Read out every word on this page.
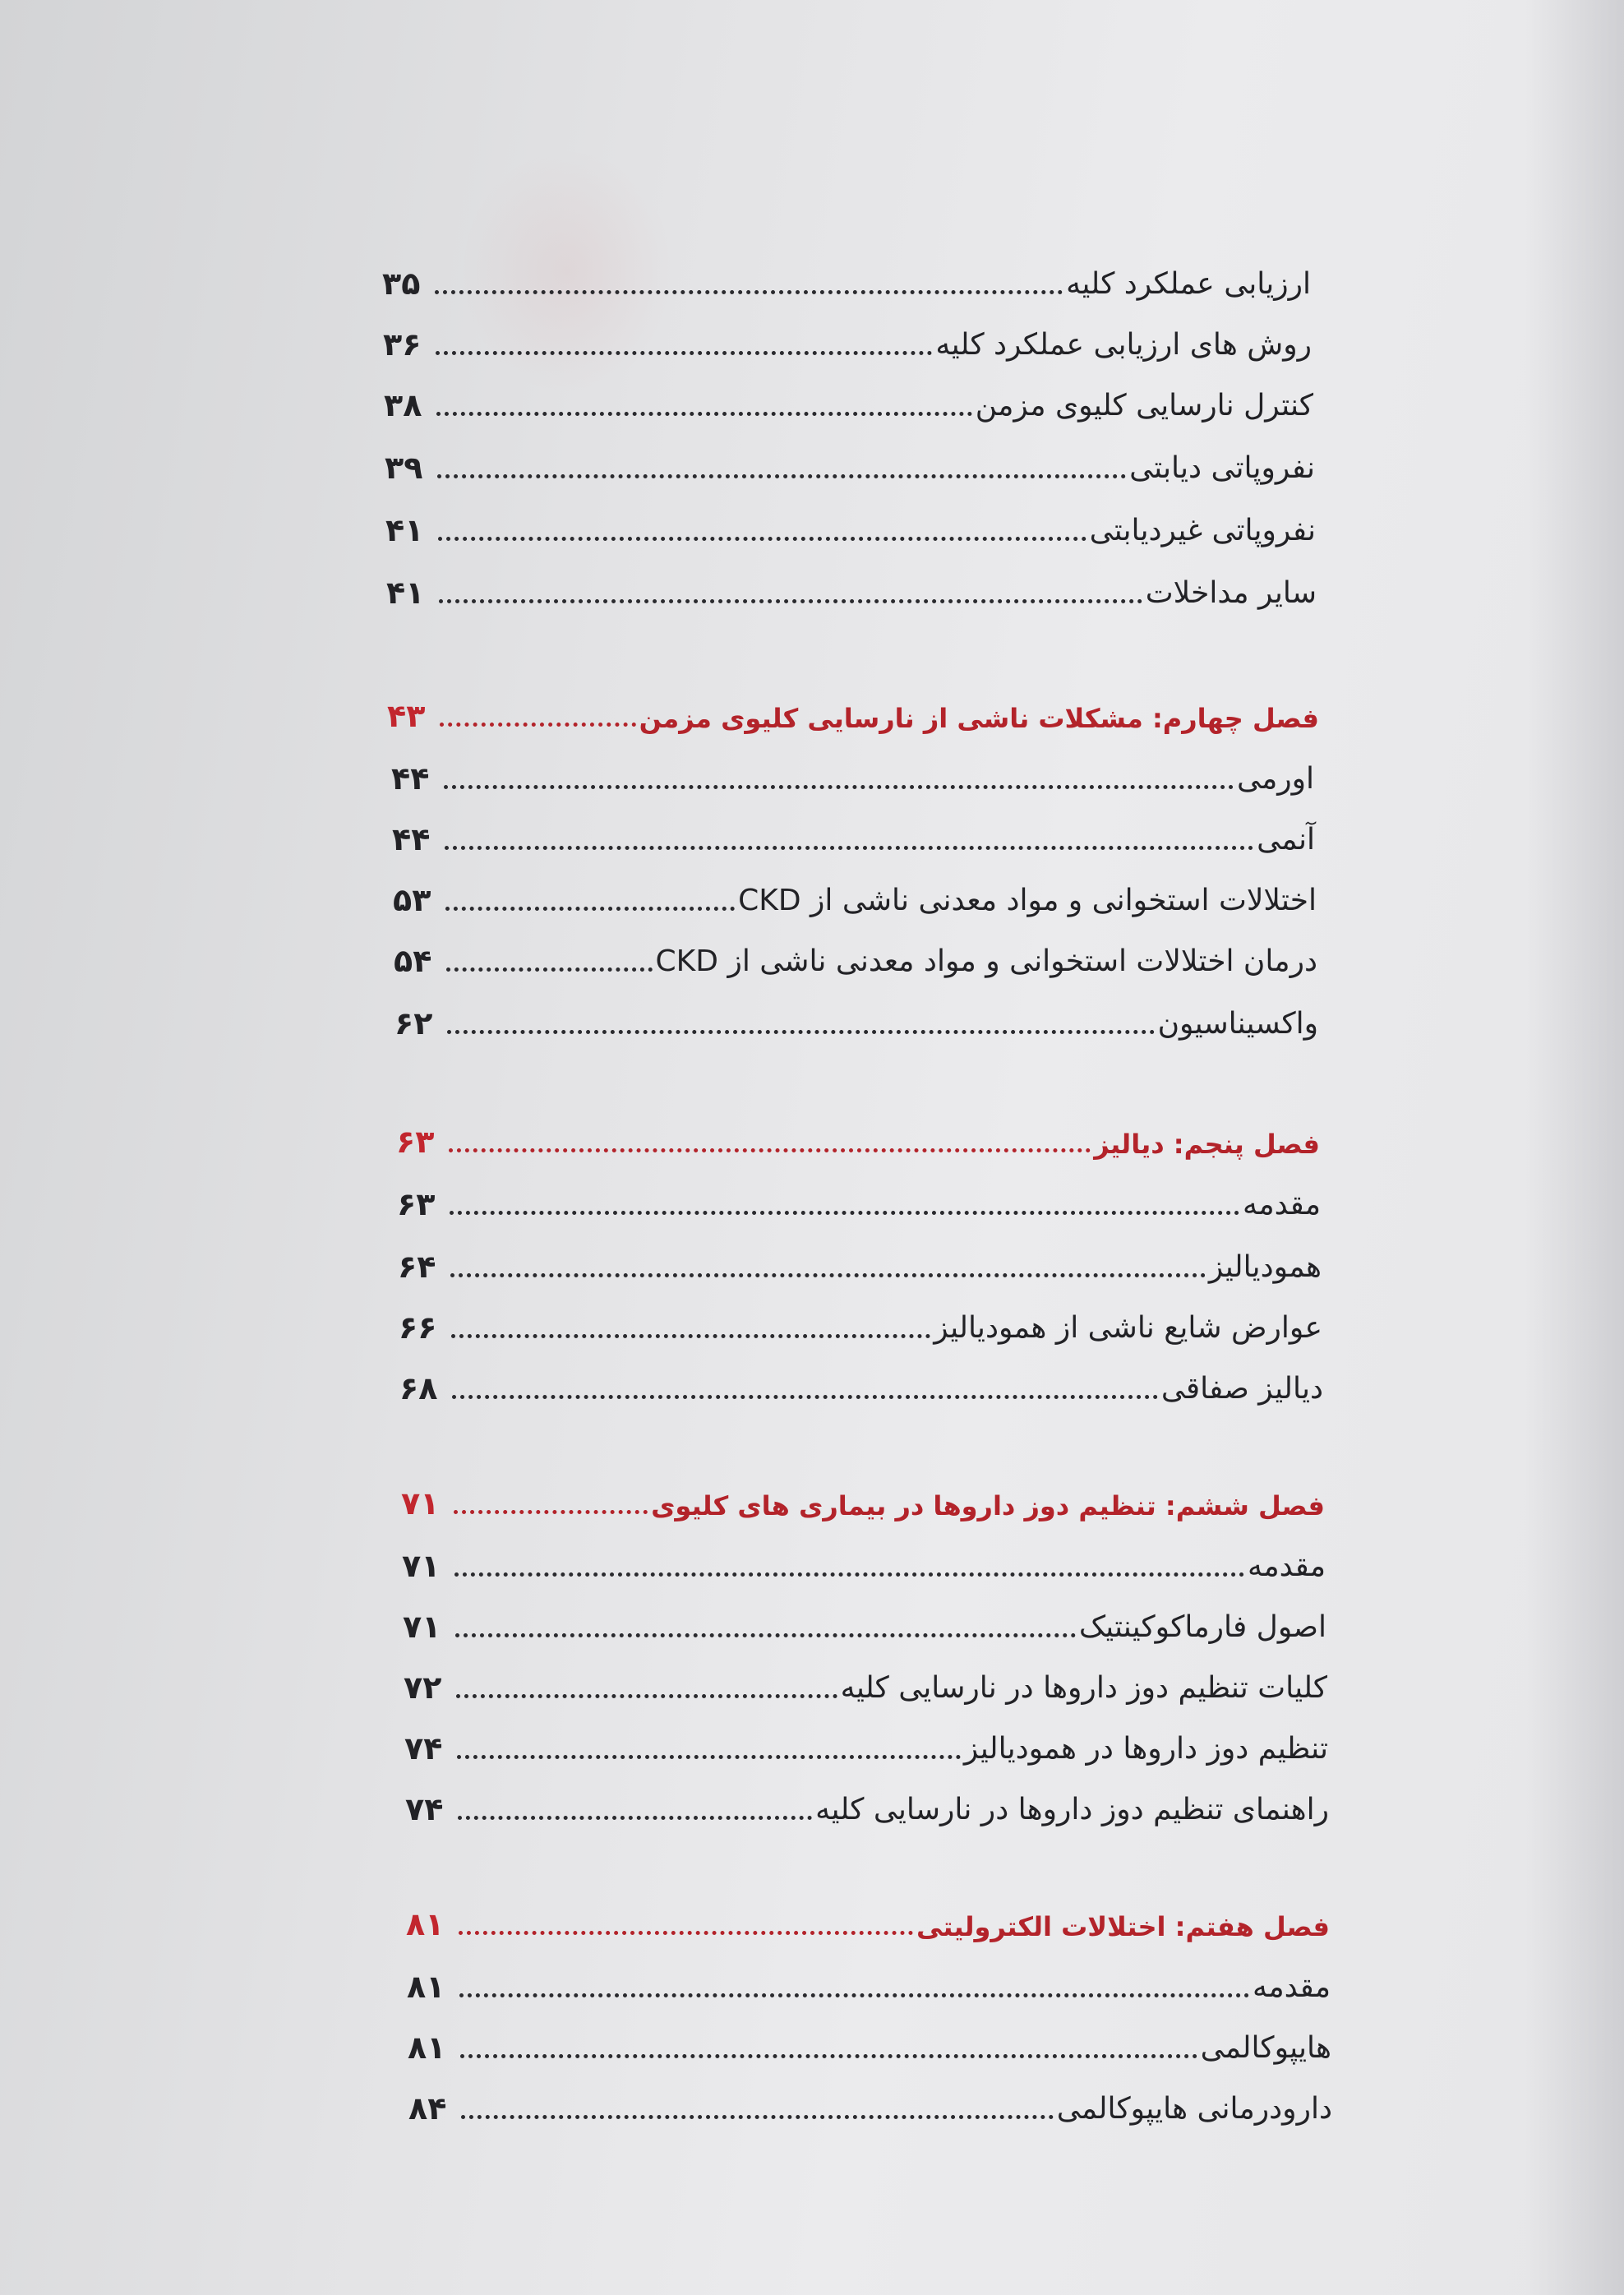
ارزیابی عملکرد کلیه
۳۵
روش های ارزیابی عملکرد کلیه
۳۶
کنترل نارسایی کلیوی مزمن
۳۸
نفروپاتی دیابتی
۳۹
نفروپاتی غیردیابتی
۴۱
سایر مداخلات
۴۱
فصل چهارم: مشکلات ناشی از نارسایی کلیوی مزمن
۴۳
اورمی
۴۴
آنمی
۴۴
اختلالات استخوانی و مواد معدنی ناشی از CKD
۵۳
درمان اختلالات استخوانی و مواد معدنی ناشی از CKD
۵۴
واکسیناسیون
۶۲
فصل پنجم: دیالیز
۶۳
مقدمه
۶۳
همودیالیز
۶۴
عوارض شایع ناشی از همودیالیز
۶۶
دیالیز صفاقی
۶۸
فصل ششم: تنظیم دوز داروها در بیماری های کلیوی
۷۱
مقدمه
۷۱
اصول فارماکوکینتیک
۷۱
کلیات تنظیم دوز داروها در نارسایی کلیه
۷۲
تنظیم دوز داروها در همودیالیز
۷۴
راهنمای تنظیم دوز داروها در نارسایی کلیه
۷۴
فصل هفتم: اختلالات الکترولیتی
۸۱
مقدمه
۸۱
هایپوکالمی
۸۱
دارودرمانی هایپوکالمی
۸۴
